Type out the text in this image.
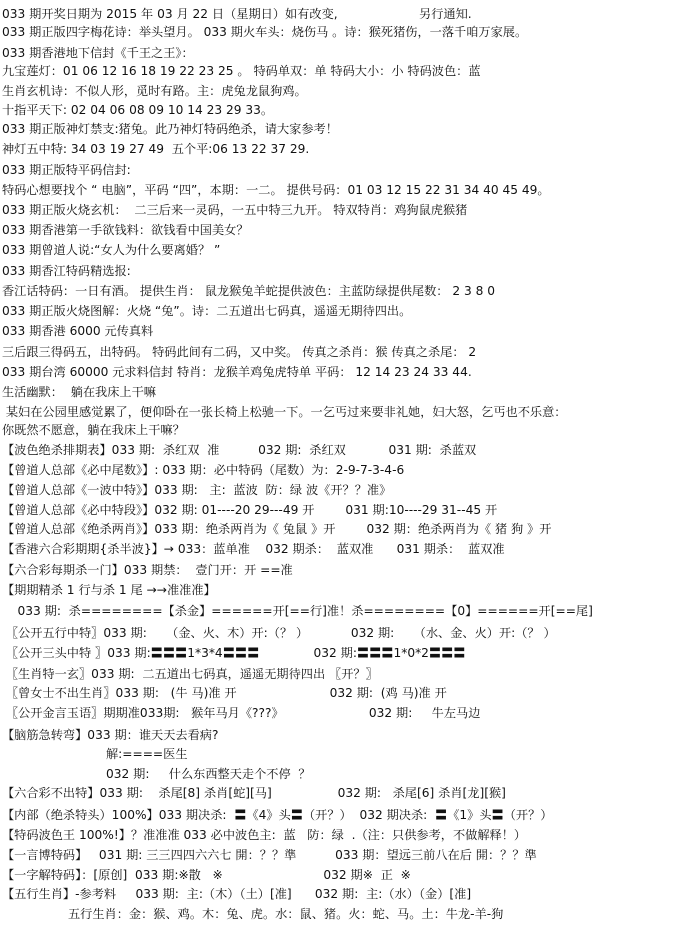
033 期开奖日期为 2015 年 03 月 22 日（星期日）如有改变,                     另行通知.
033 期正版四字梅花诗：举头望月。 033 期火车头：烧伤马 。诗：猴死猪伤，一落千咱万家展。
033 期香港地下信封《千王之王》：
九宝莲灯：01 06 12 16 18 19 22 23 25 。 特码单双：单 特码大小：小 特码波色：蓝
生肖玄机诗：不似人形，觅时有路。主：虎兔龙鼠狗鸡。
十指平天下: 02 04 06 08 09 10 14 23 29 33。
033 期正版神灯禁支:猪兔。此乃神灯特码绝杀，请大家参考！
神灯五中特: 34 03 19 27 49  五个平:06 13 22 37 29.
033 期正版特平码信封:
特码心想要找个 “ 电脑”，平码 “四”，本期：一二。 提供号码：01 03 12 15 22 31 34 40 45 49。
033 期正版火烧玄机：  二三后来一灵码，一五中特三九开。 特双特肖：鸡狗鼠虎猴猪
033 期香港第一手欲钱料：欲钱看中国美女？
033 期曾道人说:“女人为什么要离婚？ ”
033 期香江特码精选报:
香江话特码：一日有酒。 提供生肖： 鼠龙猴兔羊蛇提供波色：主蓝防绿提供尾数： 2 3 8 0
033 期正版火烧图解：火烧 “兔”。诗：二五道出七码真，遥遥无期待四出。
033 期香港 6000 元传真料
三后跟三得码五，出特码。 特码此间有二码，又中奖。 传真之杀肖：猴 传真之杀尾： 2
033 期台湾 60000 元求料信封 特肖：龙猴羊鸡兔虎特单 平码： 12 14 23 24 33 44.
生活幽默：  躺在我床上干嘛
某妇在公园里感觉累了，便仰卧在一张长椅上松驰一下。一乞丐过来要非礼她，妇大怒，乞丐也不乐意：
你既然不愿意，躺在我床上干嘛？
【波色绝杀排期表】033 期:  杀红双  准          032 期:  杀红双           031 期:  杀蓝双
【曾道人总部《必中尾数》】: 033 期：必中特码（尾数）为：2-9-7-3-4-6
【曾道人总部《一波中特》】033 期:   主:  蓝波  防：绿 波《开？？准》
【曾道人总部《必中特段》】032 期: 01----20 29---49 开        031 期:10----29 31--45 开
【曾道人总部《绝杀两肖》】033 期：绝杀两肖为《 兔鼠 》开        032 期：绝杀两肖为《 猪 狗 》开
【香港六合彩期期{杀半波}】→ 033：蓝单准    032 期杀：  蓝双准      031 期杀：  蓝双准
【六合彩每期杀一门】033 期禁：  壹门开：开 ==准
【期期精杀 1 行与杀 1 尾 →→准准准】
033 期:  杀========【杀金】======开[==行]准！杀========【0】======开[==尾]
〖公开五行中特〗033 期:     （金、火、木）开:（？ ）           032 期:     （水、金、火）开:（？ ）
〖公开三头中特 〗033 期:〓〓〓1*3*4〓〓〓              032 期:〓〓〓1*0*2〓〓〓
〖生肖特一玄〗033 期:  二五道出七码真，遥遥无期待四出 〖开？〗
〖曾女士不出生肖〗033 期:   (牛 马)准 开                        032 期:  (鸡 马)准 开
〖公开金言玉语〗期期准033期:   猴年马月《???》                      032 期:     牛左马边
【脑筋急转弯】033 期：谁天天去看病?
解:====医生
032 期:     什么东西整天走个不停  ？
【六合彩不出特】033 期:    杀尾[8] 杀肖[蛇][马]                 032 期:   杀尾[6] 杀肖[龙][猴]
【内部（绝杀特头）100%】033 期决杀:  〓《4》头〓（开？）  032 期决杀:  〓《1》头〓（开？）
【特码波色王 100%!】？准准准 033 必中波色主:  蓝   防：绿  .（注：只供参考，不做解释！）
【一言博特码】   031 期: 三三四四六六七 開：？？準          033 期：望远三前八在后 開：？？準
【一字解特码】：[原创]  033 期:※散   ※                          032 期※  正  ※
【五行生肖】-参考料     033 期:  主:（木）（土）[准]      032 期:  主:（水）（金）[准]
五行生肖：金：猴、鸡。木：兔、虎。水：鼠、猪。火：蛇、马。土：牛龙-羊-狗
